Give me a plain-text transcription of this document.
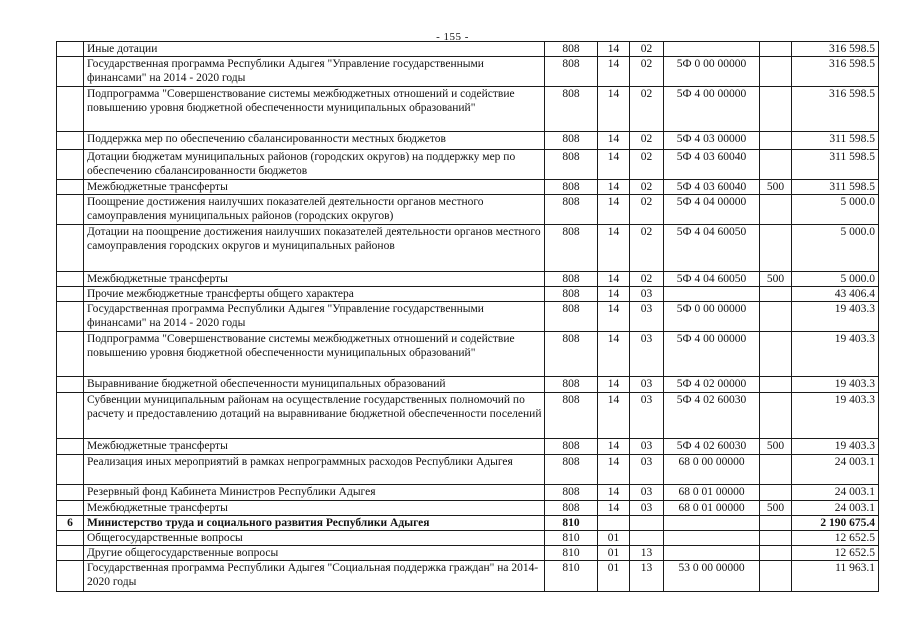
- 155 -
	Иные дотации	808	14	02			316 598.5
	Государственная программа Республики Адыгея "Управление государственными финансами" на 2014 - 2020 годы	808	14	02	5Ф 0 00 00000		316 598.5
	Подпрограмма "Совершенствование системы межбюджетных отношений и содействие повышению уровня бюджетной обеспеченности муниципальных образований"	808	14	02	5Ф 4 00 00000		316 598.5
	Поддержка мер по обеспечению сбалансированности местных бюджетов	808	14	02	5Ф 4 03 00000		311 598.5
	Дотации бюджетам муниципальных районов (городских округов) на поддержку мер по обеспечению сбалансированности бюджетов	808	14	02	5Ф 4 03 60040		311 598.5
	Межбюджетные трансферты	808	14	02	5Ф 4 03 60040	500	311 598.5
	Поощрение достижения наилучших показателей деятельности органов местного самоуправления муниципальных районов (городских округов)	808	14	02	5Ф 4 04 00000		5 000.0
	Дотации на поощрение достижения наилучших показателей деятельности органов местного самоуправления городских округов и муниципальных районов	808	14	02	5Ф 4 04 60050		5 000.0
	Межбюджетные трансферты	808	14	02	5Ф 4 04 60050	500	5 000.0
	Прочие межбюджетные трансферты общего характера	808	14	03			43 406.4
	Государственная программа Республики Адыгея "Управление государственными финансами" на 2014 - 2020 годы	808	14	03	5Ф 0 00 00000		19 403.3
	Подпрограмма "Совершенствование системы межбюджетных отношений и содействие повышению уровня бюджетной обеспеченности муниципальных образований"	808	14	03	5Ф 4 00 00000		19 403.3
	Выравнивание бюджетной обеспеченности муниципальных образований	808	14	03	5Ф 4 02 00000		19 403.3
	Субвенции муниципальным районам на осуществление государственных полномочий по расчету и предоставлению дотаций на выравнивание бюджетной обеспеченности поселений	808	14	03	5Ф 4 02 60030		19 403.3
	Межбюджетные трансферты	808	14	03	5Ф 4 02 60030	500	19 403.3
	Реализация иных мероприятий в рамках непрограммных расходов Республики Адыгея	808	14	03	68 0 00 00000		24 003.1
	Резервный фонд Кабинета Министров Республики Адыгея	808	14	03	68 0 01 00000		24 003.1
	Межбюджетные трансферты	808	14	03	68 0 01 00000	500	24 003.1
6	Министерство труда и социального развития Республики Адыгея	810					2 190 675.4
	Общегосударственные вопросы	810	01				12 652.5
	Другие общегосударственные вопросы	810	01	13			12 652.5
	Государственная программа Республики Адыгея "Социальная поддержка граждан" на 2014-2020 годы	810	01	13	53 0 00 00000		11 963.1
